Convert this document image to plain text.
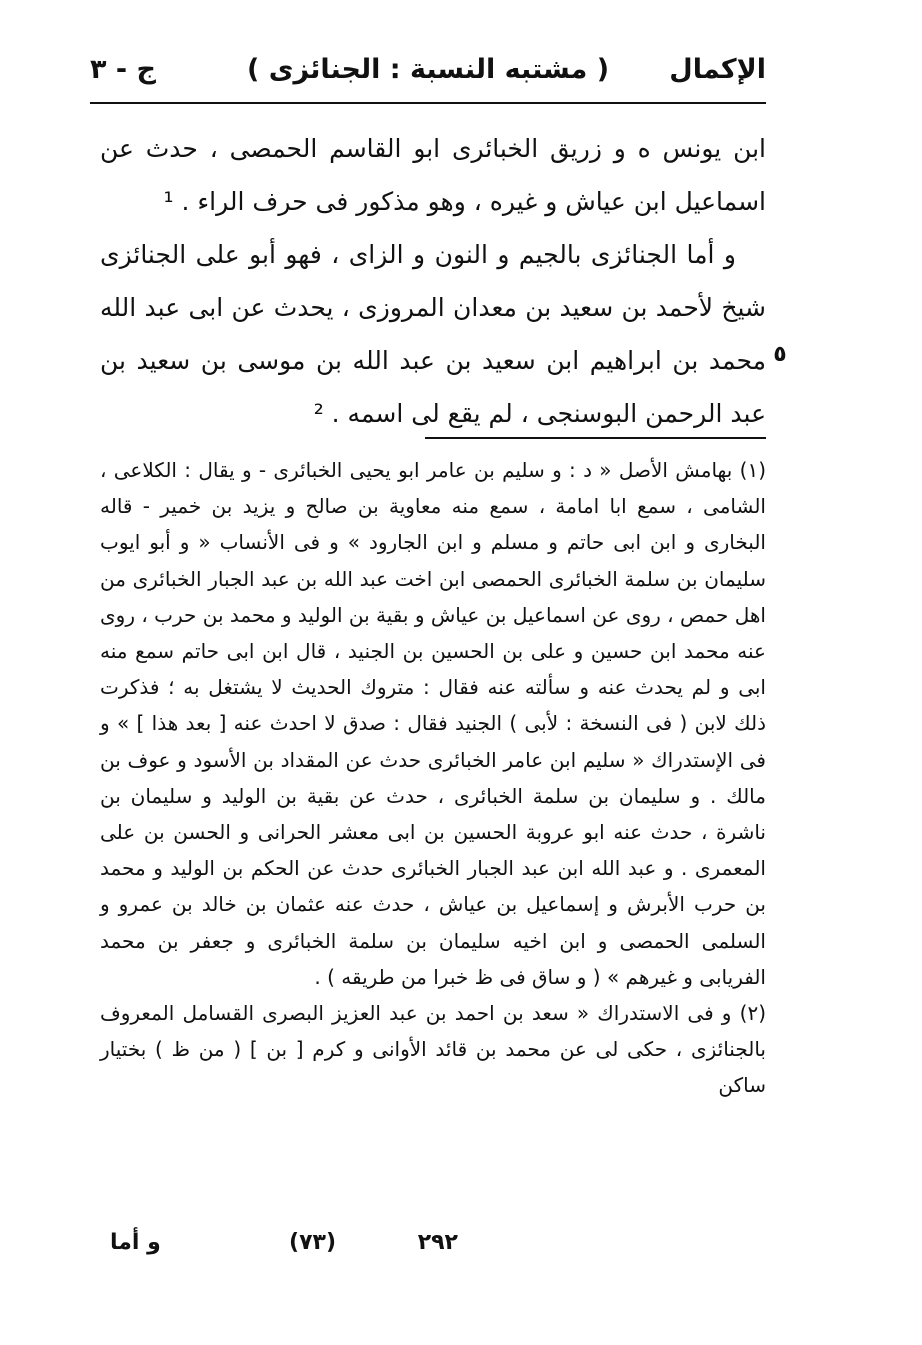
الإكمال
( مشتبه النسبة : الجنائزى )
ج - ٣

ابن يونس ه و زريق الخبائرى ابو القاسم الحمصى ، حدث عن اسماعيل ابن عياش و غيره ، وهو مذكور فى حرف الراء . ¹

و أما الجنائزى بالجيم و النون و الزاى ، فهو أبو على الجنائزى شيخ لأحمد بن سعيد بن معدان المروزى ، يحدث عن ابى عبد الله محمد بن ابراهيم ابن سعيد بن عبد الله بن موسى بن سعيد بن عبد الرحمن البوسنجى ، لم يقع لى اسمه . ²

٥

(١) بهامش الأصل « د : و سليم بن عامر ابو يحيى الخبائرى - و يقال : الكلاعى ، الشامى ، سمع ابا امامة ، سمع منه معاوية بن صالح و يزيد بن خمير - قاله البخارى و ابن ابى حاتم و مسلم و ابن الجارود » و فى الأنساب « و أبو ايوب سليمان بن سلمة الخبائرى الحمصى ابن اخت عبد الله بن عبد الجبار الخبائرى من اهل حمص ، روى عن اسماعيل بن عياش و بقية بن الوليد و محمد بن حرب ، روى عنه محمد ابن حسين و على بن الحسين بن الجنيد ، قال ابن ابى حاتم سمع منه ابى و لم يحدث عنه و سألته عنه فقال : متروك الحديث لا يشتغل به ؛ فذكرت ذلك لابن ( فى النسخة : لأبى ) الجنيد فقال : صدق لا احدث عنه [ بعد هذا ] » و فى الإستدراك « سليم ابن عامر الخبائرى حدث عن المقداد بن الأسود و عوف بن مالك . و سليمان بن سلمة الخبائرى ، حدث عن بقية بن الوليد و سليمان بن ناشرة ، حدث عنه ابو عروبة الحسين بن ابى معشر الحرانى و الحسن بن على المعمرى . و عبد الله ابن عبد الجبار الخبائرى حدث عن الحكم بن الوليد و محمد بن حرب الأبرش و إسماعيل بن عياش ، حدث عنه عثمان بن خالد بن عمرو و السلمى الحمصى و ابن اخيه سليمان بن سلمة الخبائرى و جعفر بن محمد الفريابى و غيرهم » ( و ساق فى ظ خبرا من طريقه ) .

(٢) و فى الاستدراك « سعد بن احمد بن عبد العزيز البصرى القسامل المعروف بالجنائزى ، حكى لى عن محمد بن قائد الأوانى و كرم [ بن ] ( من ظ ) بختيار ساكن

٢٩٢
(٧٣)
و أما
